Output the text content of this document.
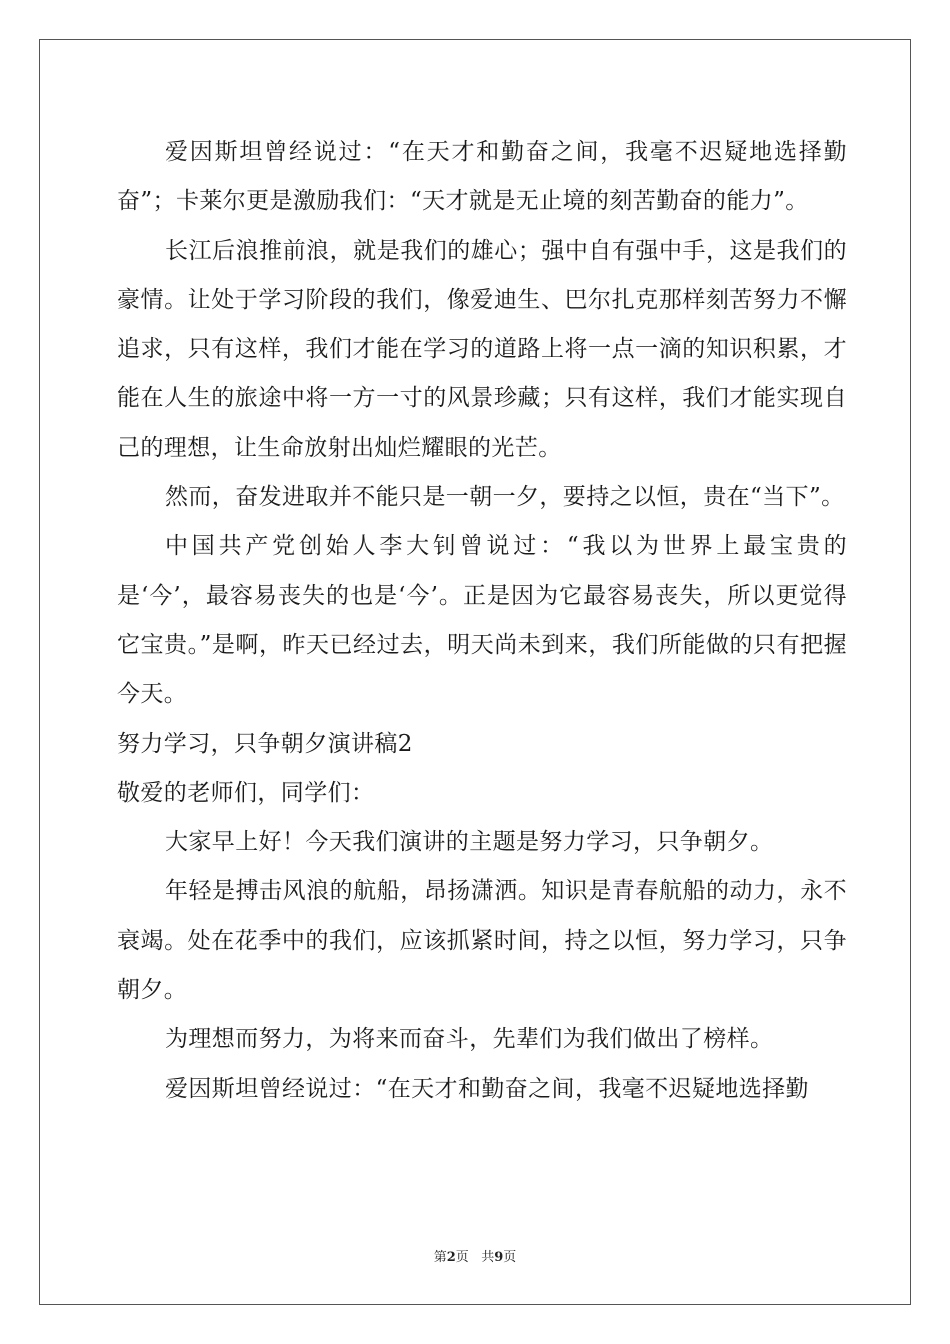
爱因斯坦曾经说过：“在天才和勤奋之间，我毫不迟疑地选择勤奋”；卡莱尔更是激励我们：“天才就是无止境的刻苦勤奋的能力”。

长江后浪推前浪，就是我们的雄心；强中自有强中手，这是我们的豪情。让处于学习阶段的我们，像爱迪生、巴尔扎克那样刻苦努力不懈追求，只有这样，我们才能在学习的道路上将一点一滴的知识积累，才能在人生的旅途中将一方一寸的风景珍藏；只有这样，我们才能实现自己的理想，让生命放射出灿烂耀眼的光芒。

然而，奋发进取并不能只是一朝一夕，要持之以恒，贵在“当下”。

中国共产党创始人李大钊曾说过：“我以为世界上最宝贵的是‘今’，最容易丧失的也是‘今’。正是因为它最容易丧失，所以更觉得它宝贵。”是啊，昨天已经过去，明天尚未到来，我们所能做的只有把握今天。

努力学习，只争朝夕演讲稿2

敬爱的老师们，同学们：

大家早上好！今天我们演讲的主题是努力学习，只争朝夕。

年轻是搏击风浪的航船，昂扬潇洒。知识是青春航船的动力，永不衰竭。处在花季中的我们，应该抓紧时间，持之以恒，努力学习，只争朝夕。

为理想而努力，为将来而奋斗，先辈们为我们做出了榜样。

爱因斯坦曾经说过：“在天才和勤奋之间，我毫不迟疑地选择勤

第2页 共9页
